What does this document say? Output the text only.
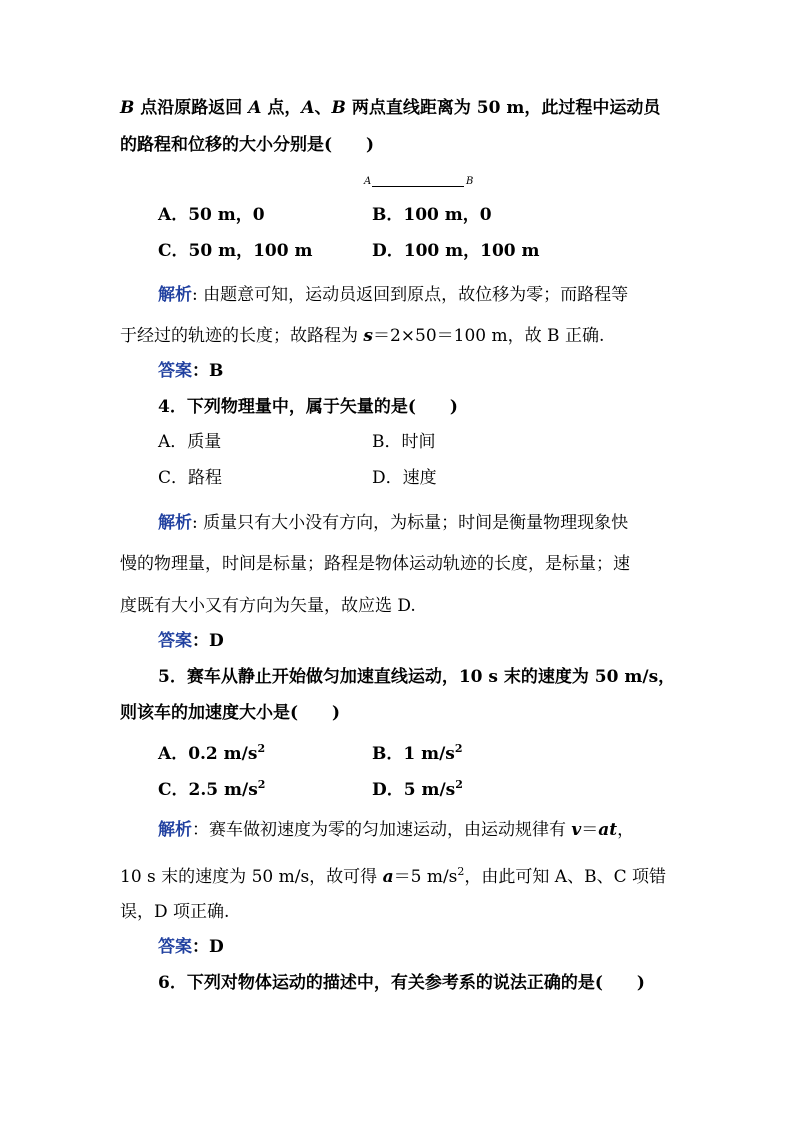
B 点沿原路返回 A 点，A、B 两点直线距离为 50 m，此过程中运动员
的路程和位移的大小分别是(　　)
A	B
A．50 m，0	B．100 m，0
C．50 m，100 m	D．100 m，100 m
解析: 由题意可知，运动员返回到原点，故位移为零；而路程等
于经过的轨迹的长度；故路程为 s＝2×50＝100 m，故 B 正确.
答案：B
4．下列物理量中，属于矢量的是(　　)
A．质量	B．时间
C．路程	D．速度
解析: 质量只有大小没有方向，为标量；时间是衡量物理现象快
慢的物理量，时间是标量；路程是物体运动轨迹的长度，是标量；速
度既有大小又有方向为矢量，故应选 D.
答案：D
5．赛车从静止开始做匀加速直线运动，10 s 末的速度为 50 m/s，
则该车的加速度大小是(　　)
A．0.2 $m/s^2$	B．1 $m/s^2$
C．2.5 $m/s^2$	D．5 $m/s^2$
解析：赛车做初速度为零的匀加速运动，由运动规律有 v＝at，
10 s 末的速度为 50 m/s，故可得 a＝5 $m/s^2$，由此可知 A、B、C 项错
误，D 项正确.
答案：D
6．下列对物体运动的描述中，有关参考系的说法正确的是(　　)
